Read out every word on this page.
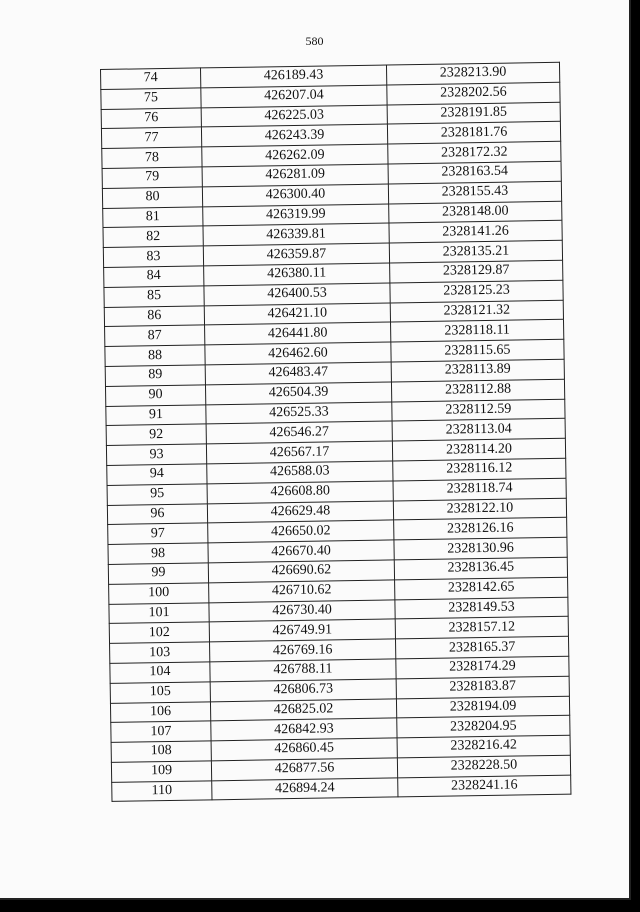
580
74	426189.43	2328213.90
75	426207.04	2328202.56
76	426225.03	2328191.85
77	426243.39	2328181.76
78	426262.09	2328172.32
79	426281.09	2328163.54
80	426300.40	2328155.43
81	426319.99	2328148.00
82	426339.81	2328141.26
83	426359.87	2328135.21
84	426380.11	2328129.87
85	426400.53	2328125.23
86	426421.10	2328121.32
87	426441.80	2328118.11
88	426462.60	2328115.65
89	426483.47	2328113.89
90	426504.39	2328112.88
91	426525.33	2328112.59
92	426546.27	2328113.04
93	426567.17	2328114.20
94	426588.03	2328116.12
95	426608.80	2328118.74
96	426629.48	2328122.10
97	426650.02	2328126.16
98	426670.40	2328130.96
99	426690.62	2328136.45
100	426710.62	2328142.65
101	426730.40	2328149.53
102	426749.91	2328157.12
103	426769.16	2328165.37
104	426788.11	2328174.29
105	426806.73	2328183.87
106	426825.02	2328194.09
107	426842.93	2328204.95
108	426860.45	2328216.42
109	426877.56	2328228.50
110	426894.24	2328241.16
